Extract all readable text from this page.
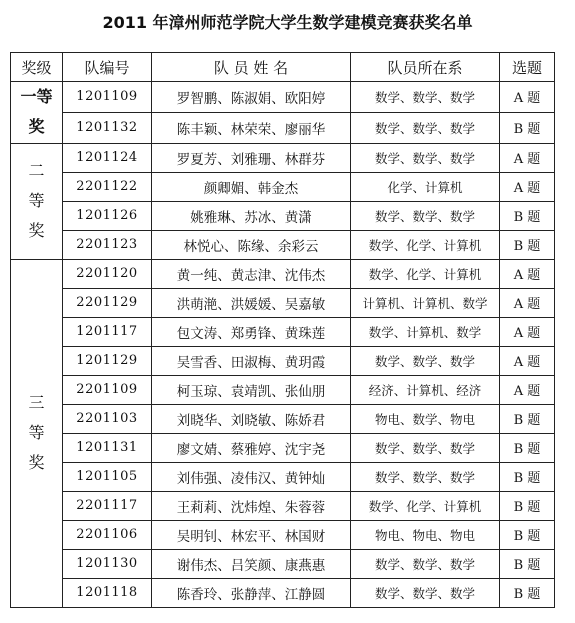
2011 年漳州师范学院大学生数学建模竞赛获奖名单
奖级	队编号	队 员 姓 名	队员所在系	选题

一等
奖	1201109	罗智鹏、陈淑娟、欧阳婷	数学、数学、数学	A 题
	1201132	陈丰颖、林荣荣、廖丽华	数学、数学、数学	B 题

二
等
奖	1201124	罗夏芳、刘雅珊、林群芬	数学、数学、数学	A 题
	2201122	颜卿媚、韩金杰	化学、计算机	A 题
	1201126	姚雅琳、苏冰、黄潇	数学、数学、数学	B 题
	2201123	林悦心、陈缘、余彩云	数学、化学、计算机	B 题

三
等
奖	2201120	黄一纯、黄志津、沈伟杰	数学、化学、计算机	A 题
	2201129	洪萌滟、洪媛媛、吴嘉敏	计算机、计算机、数学	A 题
	1201117	包文涛、郑勇锋、黄珠莲	数学、计算机、数学	A 题
	1201129	吴雪香、田淑梅、黄玥霞	数学、数学、数学	A 题
	2201109	柯玉琼、袁靖凯、张仙朋	经济、计算机、经济	A 题
	2201103	刘晓华、刘晓敏、陈娇君	物电、数学、物电	B 题
	1201131	廖文婧、蔡雅婷、沈宇尧	数学、数学、数学	B 题
	1201105	刘伟强、凌伟汉、黄钟灿	数学、数学、数学	B 题
	2201117	王莉莉、沈炜煌、朱蓉蓉	数学、化学、计算机	B 题
	2201106	吴明钊、林宏平、林国财	物电、物电、物电	B 题
	1201130	谢伟杰、吕笑颜、康燕惠	数学、数学、数学	B 题
	1201118	陈香玲、张静萍、江静圆	数学、数学、数学	B 题
